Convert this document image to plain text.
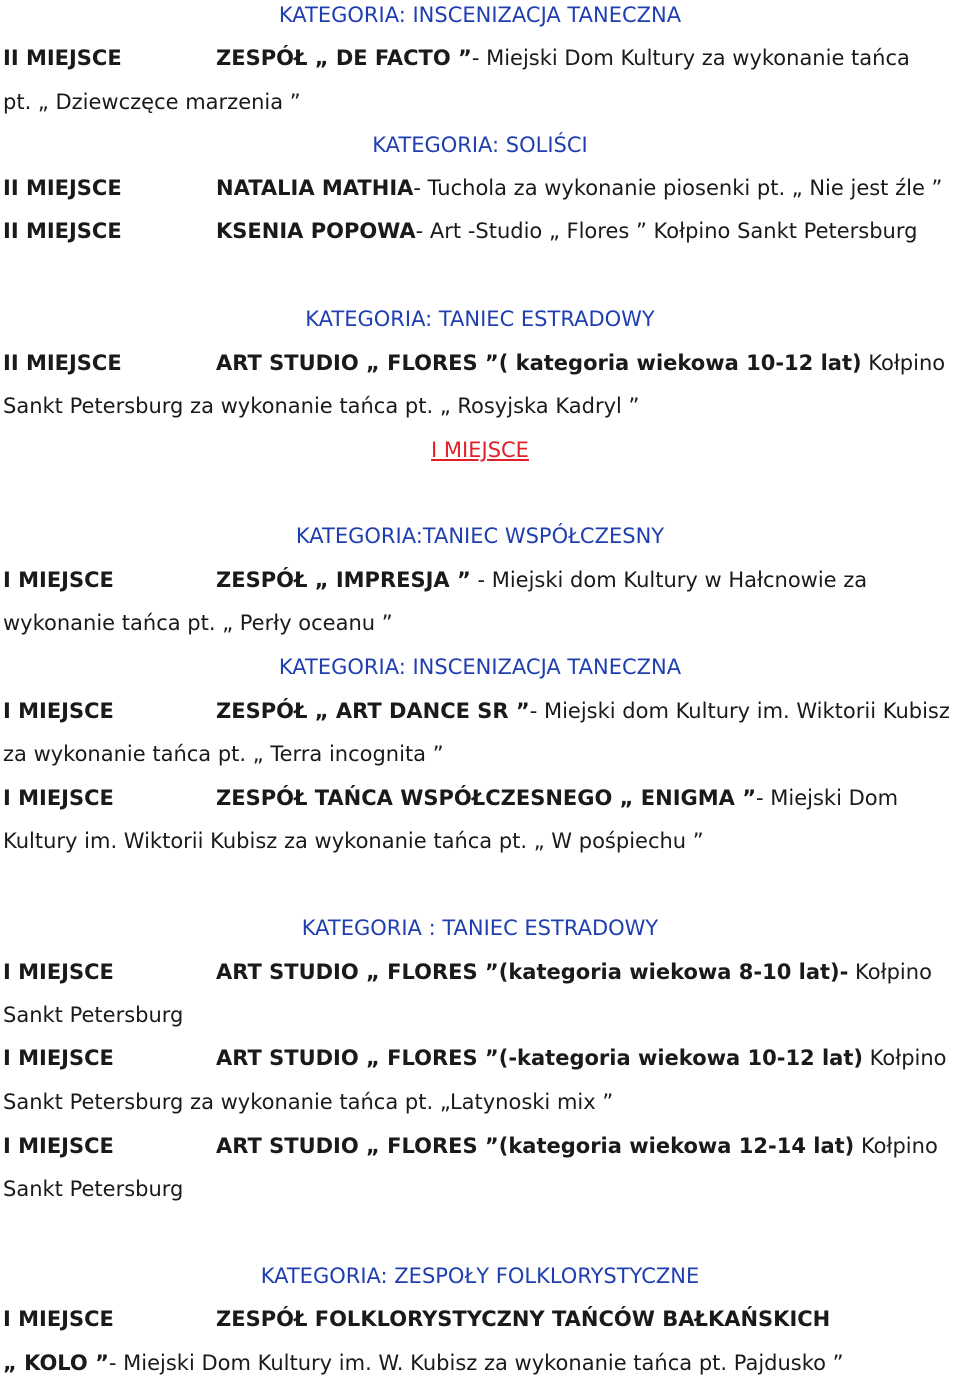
KATEGORIA: INSCENIZACJA TANECZNA
II MIEJSCE	ZESPÓŁ „ DE FACTO ”- Miejski Dom Kultury za wykonanie tańca
pt. „ Dziewczęce marzenia ”
KATEGORIA: SOLIŚCI
II MIEJSCE	NATALIA MATHIA- Tuchola za wykonanie piosenki pt. „ Nie jest źle ”
II MIEJSCE	KSENIA POPOWA- Art -Studio „ Flores ” Kołpino Sankt Petersburg
KATEGORIA: TANIEC ESTRADOWY
II MIEJSCE	ART STUDIO „ FLORES ”( kategoria wiekowa 10-12 lat) Kołpino
Sankt Petersburg za wykonanie tańca pt. „ Rosyjska Kadryl ”
I MIEJSCE
KATEGORIA:TANIEC WSPÓŁCZESNY
I MIEJSCE	ZESPÓŁ „ IMPRESJA ” - Miejski dom Kultury w Hałcnowie za
wykonanie tańca pt. „ Perły oceanu ”
KATEGORIA: INSCENIZACJA TANECZNA
I MIEJSCE	ZESPÓŁ „ ART DANCE SR ”- Miejski dom Kultury im. Wiktorii Kubisz
za wykonanie tańca pt. „ Terra incognita ”
I MIEJSCE	ZESPÓŁ TAŃCA WSPÓŁCZESNEGO „ ENIGMA ”- Miejski Dom
Kultury im. Wiktorii Kubisz za wykonanie tańca pt. „ W pośpiechu ”
KATEGORIA : TANIEC ESTRADOWY
I MIEJSCE	ART STUDIO „ FLORES ”(kategoria wiekowa 8-10 lat)- Kołpino
Sankt Petersburg
I MIEJSCE	ART STUDIO „ FLORES ”(-kategoria wiekowa 10-12 lat) Kołpino
Sankt Petersburg za wykonanie tańca pt. „Latynoski mix ”
I MIEJSCE	ART STUDIO „ FLORES ”(kategoria wiekowa 12-14 lat) Kołpino
Sankt Petersburg
KATEGORIA: ZESPOŁY FOLKLORYSTYCZNE
I MIEJSCE	ZESPÓŁ FOLKLORYSTYCZNY TAŃCÓW BAŁKAŃSKICH
„ KOLO ”- Miejski Dom Kultury im. W. Kubisz za wykonanie tańca pt. Pajdusko ”
